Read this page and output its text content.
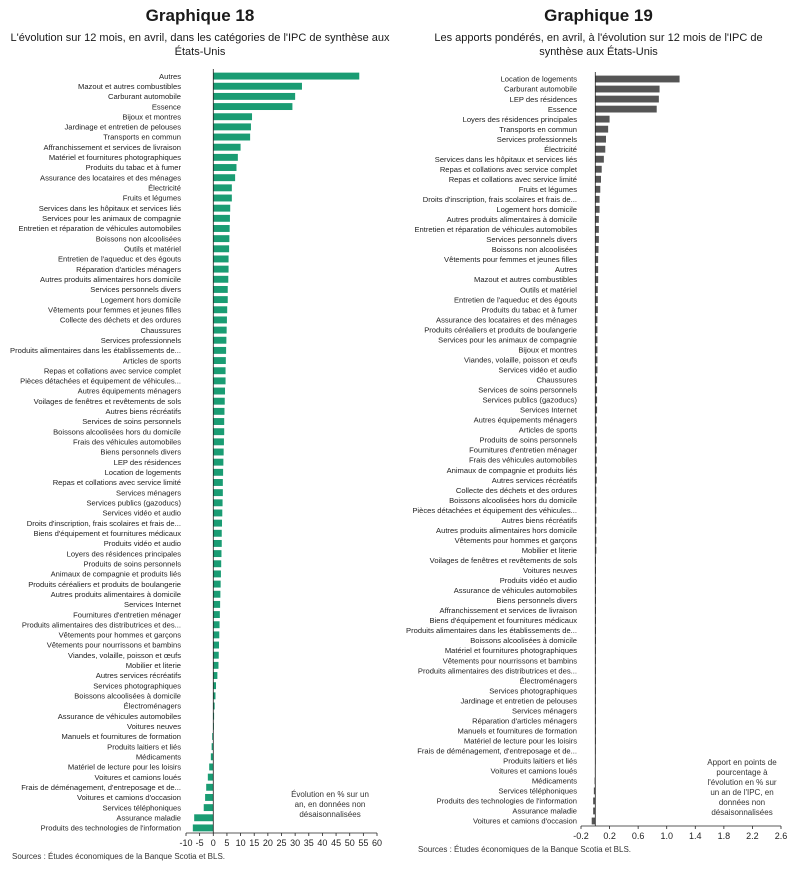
Graphique 18
L'évolution sur 12 mois, en avril, dans les catégories de l'IPC de synthèse aux États-Unis
Autres
Mazout et autres combustibles
Carburant automobile
Essence
Bijoux et montres
Jardinage et entretien de pelouses
Transports en commun
Affranchissement et services de livraison
Matériel et fournitures photographiques
Produits du tabac et à fumer
Assurance des locataires et des ménages
Électricité
Fruits et légumes
Services dans les hôpitaux et services liés
Services pour les animaux de compagnie
Entretien et réparation de véhicules automobiles
Boissons non alcoolisées
Outils et matériel
Entretien de l'aqueduc et des égouts
Réparation d'articles ménagers
Autres produits alimentaires hors domicile
Services personnels divers
Logement hors domicile
Vêtements pour femmes et jeunes filles
Collecte des déchets et des ordures
Chaussures
Services professionnels
Produits alimentaires dans les établissements de...
Articles de sports
Repas et collations avec service complet
Pièces détachées et équipement de véhicules...
Autres équipements ménagers
Voilages de fenêtres et revêtements de sols
Autres biens récréatifs
Services de soins personnels
Boissons alcoolisées hors du domicile
Frais des véhicules automobiles
Biens personnels divers
LEP des résidences
Location de logements
Repas et collations avec service limité
Services ménagers
Services publics (gazoducs)
Services vidéo et audio
Droits d'inscription, frais scolaires et frais de...
Biens d'équipement et fournitures médicaux
Produits vidéo et audio
Loyers des résidences principales
Produits de soins personnels
Animaux de compagnie et produits liés
Produits céréaliers et produits de boulangerie
Autres produits alimentaires à domicile
Services Internet
Fournitures d'entretien ménager
Produits alimentaires des distributrices et des...
Vêtements pour hommes et garçons
Vêtements pour nourrissons et bambins
Viandes, volaille, poisson et œufs
Mobilier et literie
Autres services récréatifs
Services photographiques
Boissons alcoolisées à domicile
Électroménagers
Assurance de véhicules automobiles
Voitures neuves
Manuels et fournitures de formation
Produits laitiers et liés
Médicaments
Matériel de lecture pour les loisirs
Voitures et camions loués
Frais de déménagement, d'entreposage et de...
Voitures et camions d'occasion
Services téléphoniques
Assurance maladie
Produits des technologies de l'information
-10 -5 0 5 10 15 20 25 30 35 40 45 50 55 60
Évolution en % sur un an, en données non désaisonnalisées
Sources : Études économiques de la Banque Scotia et BLS.
Graphique 19
Les apports pondérés, en avril, à l'évolution sur 12 mois de l'IPC de synthèse aux États-Unis
Location de logements
Carburant automobile
LEP des résidences
Essence
Loyers des résidences principales
Transports en commun
Services professionnels
Électricité
Services dans les hôpitaux et services liés
Repas et collations avec service complet
Repas et collations avec service limité
Fruits et légumes
Droits d'inscription, frais scolaires et frais de...
Logement hors domicile
Autres produits alimentaires à domicile
Entretien et réparation de véhicules automobiles
Services personnels divers
Boissons non alcoolisées
Vêtements pour femmes et jeunes filles
Autres
Mazout et autres combustibles
Outils et matériel
Entretien de l'aqueduc et des égouts
Produits du tabac et à fumer
Assurance des locataires et des ménages
Produits céréaliers et produits de boulangerie
Services pour les animaux de compagnie
Bijoux et montres
Viandes, volaille, poisson et œufs
Services vidéo et audio
Chaussures
Services de soins personnels
Services publics (gazoducs)
Services Internet
Autres équipements ménagers
Articles de sports
Produits de soins personnels
Fournitures d'entretien ménager
Frais des véhicules automobiles
Animaux de compagnie et produits liés
Autres services récréatifs
Collecte des déchets et des ordures
Boissons alcoolisées hors du domicile
Pièces détachées et équipement des véhicules...
Autres biens récréatifs
Autres produits alimentaires hors domicile
Vêtements pour hommes et garçons
Mobilier et literie
Voilages de fenêtres et revêtements de sols
Voitures neuves
Produits vidéo et audio
Assurance de véhicules automobiles
Biens personnels divers
Affranchissement et services de livraison
Biens d'équipement et fournitures médicaux
Produits alimentaires dans les établissements de...
Boissons alcoolisées à domicile
Matériel et fournitures photographiques
Vêtements pour nourrissons et bambins
Produits alimentaires des distributrices et des...
Électroménagers
Services photographiques
Jardinage et entretien de pelouses
Services ménagers
Réparation d'articles ménagers
Manuels et fournitures de formation
Matériel de lecture pour les loisirs
Frais de déménagement, d'entreposage et de...
Produits laitiers et liés
Voitures et camions loués
Médicaments
Services téléphoniques
Produits des technologies de l'information
Assurance maladie
Voitures et camions d'occasion
-0.2 0.2 0.6 1.0 1.4 1.8 2.2 2.6
Apport en points de pourcentage à l'évolution en % sur un an de l'IPC, en données non désaisonnalisées
Sources : Études économiques de la Banque Scotia et BLS.
